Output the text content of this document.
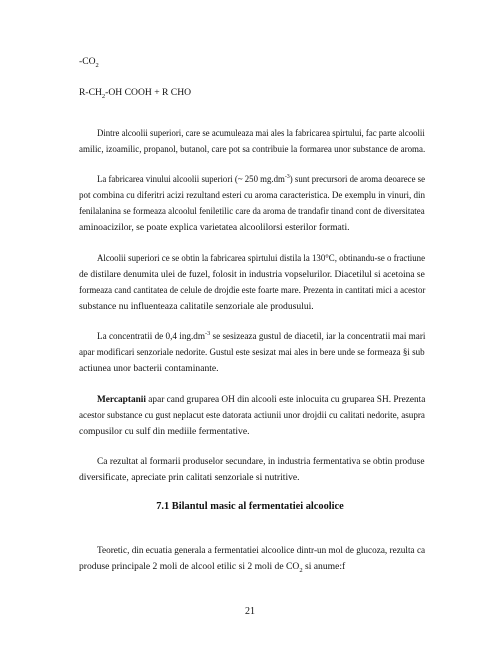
$-CO_2$
$R-CH_2-OH$ COOH + R CHO
Dintre alcoolii superiori, care se acumuleaza mai ales la fabricarea spirtului, fac parte alcoolii
amilic, izoamilic, propanol, butanol, care pot sa contribuie la formarea unor substance de aroma.
La fabricarea vinului alcoolii superiori (~ 250 $mg.dm^{-3}$) sunt precursori de aroma deoarece se
pot combina cu diferitri acizi rezultand esteri cu aroma caracteristica. De exemplu in vinuri, din
fenilalanina se formeaza alcoolul feniletilic care da aroma de trandafir tinand cont de diversitatea
aminoacizilor, se poate explica varietatea alcoolilorsi esterilor formati.
Alcoolii superiori ce se obtin la fabricarea spirtului distila la 130°C, obtinandu-se o fractiune
de distilare denumita ulei de fuzel, folosit in industria vopselurilor. Diacetilul si acetoina se
formeaza cand cantitatea de celule de drojdie este foarte mare. Prezenta in cantitati mici a acestor
substance nu influenteaza calitatile senzoriale ale produsului.
La concentratii de 0,4 $ing.dm^{-3}$ se sesizeaza gustul de diacetil, iar la concentratii mai mari
apar modificari senzoriale nedorite. Gustul este sesizat mai ales in bere unde se formeaza §i sub
actiunea unor bacterii contaminante.
Mercaptanii apar cand gruparea OH din alcooli este inlocuita cu gruparea SH. Prezenta
acestor substance cu gust neplacut este datorata actiunii unor drojdii cu calitati nedorite, asupra
compusilor cu sulf din mediile fermentative.
Ca rezultat al formarii produselor secundare, in industria fermentativa se obtin produse
diversificate, apreciate prin calitati senzoriale si nutritive.
7.1 Bilantul masic al fermentatiei alcoolice
Teoretic, din ecuatia generala a fermentatiei alcoolice dintr-un mol de glucoza, rezulta ca
produse principale 2 moli de alcool etilic si 2 moli de $CO_2$ si anume:f
21
